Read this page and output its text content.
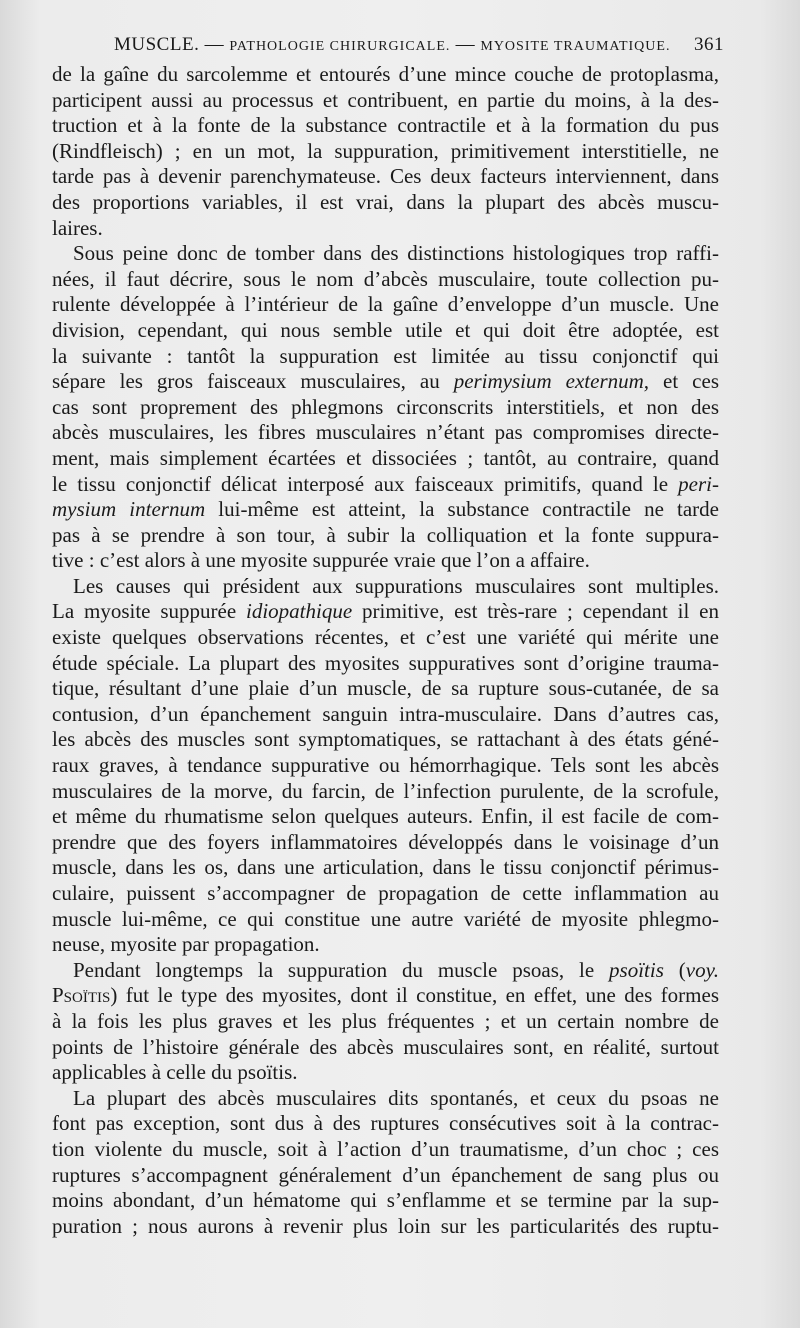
MUSCLE. — PATHOLOGIE CHIRURGICALE. — MYOSITE TRAUMATIQUE. 361
de la gaîne du sarcolemme et entourés d’une mince couche de protoplasma,
participent aussi au processus et contribuent, en partie du moins, à la des-
truction et à la fonte de la substance contractile et à la formation du pus
(Rindfleisch) ; en un mot, la suppuration, primitivement interstitielle, ne
tarde pas à devenir parenchymateuse. Ces deux facteurs interviennent, dans
des proportions variables, il est vrai, dans la plupart des abcès muscu-
laires.
Sous peine donc de tomber dans des distinctions histologiques trop raffi-
nées, il faut décrire, sous le nom d’abcès musculaire, toute collection pu-
rulente développée à l’intérieur de la gaîne d’enveloppe d’un muscle. Une
division, cependant, qui nous semble utile et qui doit être adoptée, est
la suivante : tantôt la suppuration est limitée au tissu conjonctif qui
sépare les gros faisceaux musculaires, au perimysium externum, et ces
cas sont proprement des phlegmons circonscrits interstitiels, et non des
abcès musculaires, les fibres musculaires n’étant pas compromises directe-
ment, mais simplement écartées et dissociées ; tantôt, au contraire, quand
le tissu conjonctif délicat interposé aux faisceaux primitifs, quand le peri-
mysium internum lui-même est atteint, la substance contractile ne tarde
pas à se prendre à son tour, à subir la colliquation et la fonte suppura-
tive : c’est alors à une myosite suppurée vraie que l’on a affaire.
Les causes qui président aux suppurations musculaires sont multiples.
La myosite suppurée idiopathique primitive, est très-rare ; cependant il en
existe quelques observations récentes, et c’est une variété qui mérite une
étude spéciale. La plupart des myosites suppuratives sont d’origine trauma-
tique, résultant d’une plaie d’un muscle, de sa rupture sous-cutanée, de sa
contusion, d’un épanchement sanguin intra-musculaire. Dans d’autres cas,
les abcès des muscles sont symptomatiques, se rattachant à des états géné-
raux graves, à tendance suppurative ou hémorrhagique. Tels sont les abcès
musculaires de la morve, du farcin, de l’infection purulente, de la scrofule,
et même du rhumatisme selon quelques auteurs. Enfin, il est facile de com-
prendre que des foyers inflammatoires développés dans le voisinage d’un
muscle, dans les os, dans une articulation, dans le tissu conjonctif périmus-
culaire, puissent s’accompagner de propagation de cette inflammation au
muscle lui-même, ce qui constitue une autre variété de myosite phlegmo-
neuse, myosite par propagation.
Pendant longtemps la suppuration du muscle psoas, le psoïtis (voy.
Psoïtis) fut le type des myosites, dont il constitue, en effet, une des formes
à la fois les plus graves et les plus fréquentes ; et un certain nombre de
points de l’histoire générale des abcès musculaires sont, en réalité, surtout
applicables à celle du psoïtis.
La plupart des abcès musculaires dits spontanés, et ceux du psoas ne
font pas exception, sont dus à des ruptures consécutives soit à la contrac-
tion violente du muscle, soit à l’action d’un traumatisme, d’un choc ; ces
ruptures s’accompagnent généralement d’un épanchement de sang plus ou
moins abondant, d’un hématome qui s’enflamme et se termine par la sup-
puration ; nous aurons à revenir plus loin sur les particularités des ruptu-
